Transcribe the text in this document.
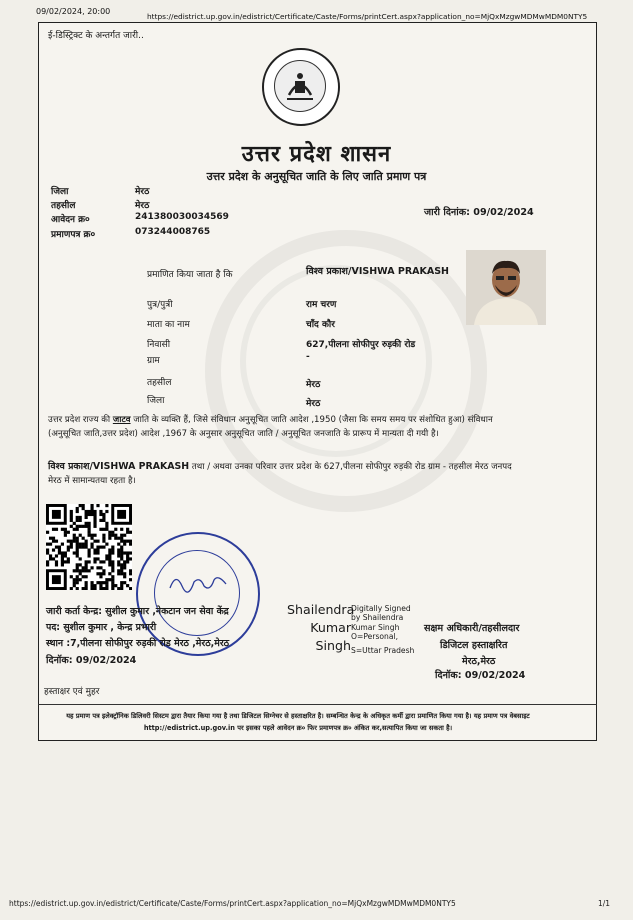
09/02/2024, 20:00
https://edistrict.up.gov.in/edistrict/Certificate/Caste/Forms/printCert.aspx?application_no=MjQxMzgwMDMwMDM0NTY5
ई-डिस्ट्रिक्ट के अन्तर्गत जारी..
उत्तर प्रदेश शासन
उत्तर प्रदेश के अनुसूचित जाति के लिए जाति प्रमाण पत्र
जिला	मेरठ
तहसील	मेरठ
आवेदन क्र०	241380030034569
प्रमाणपत्र क्र०	073244008765
जारी दिनांक: 09/02/2024
प्रमाणित किया जाता है कि	विश्व प्रकाश/VISHWA PRAKASH
पुत्र/पुत्री	राम चरण
माता का नाम	चाँद कौर
निवासी	627,पीलना सोफीपुर रुड़की रोड
ग्राम	-
तहसील	मेरठ
जिला	मेरठ
उत्तर प्रदेश राज्य की जाटव जाति के व्यक्ति हैं, जिसे संविधान अनुसूचित जाति आदेश ,1950 (जैसा कि समय समय पर संशोधित हुआ) संविधान (अनुसूचित जाति,उत्तर प्रदेश) आदेश ,1967 के अनुसार अनुसूचित जाति / अनुसूचित जनजाति के प्रारूप में मान्यता दी गयी है।
विश्व प्रकाश/VISHWA PRAKASH तथा / अथवा उनका परिवार उत्तर प्रदेश के 627,पीलना सोफीपुर रुड़की रोड ग्राम - तहसील मेरठ जनपद मेरठ में सामान्यतया रहता है।
जारी कर्ता केन्द्र: सुशील कुमार ,नेकटान जन सेवा केंद्र
पद: सुशील कुमार , केन्द्र प्रभारी
स्थान :7,पीलना सोफीपुर रुड़की रोड मेरठ ,मेरठ,मेरठ
दिनॉक: 09/02/2024
Shailendra Kumar Singh
Digitally Signed
by Shailendra
Kumar Singh
O=Personal,
S=Uttar Pradesh
सक्षम अधिकारी/तहसीलदार
डिजिटल हस्ताक्षरित
मेरठ,मेरठ
दिनॉक: 09/02/2024
हस्ताक्षर एवं मुहर
यह प्रमाण पत्र इलेक्ट्रॉनिक डिलिवरी सिस्टम द्वारा तैयार किया गया है तथा डिजिटल सिग्नेचर से हस्ताक्षरित है। सम्बन्धित केन्द्र के अधिकृत कर्मी द्वारा प्रमाणित किया गया है। यह प्रमाण पत्र वेबसाइट http://edistrict.up.gov.in पर इसका पहले आवेदन क्र० फिर प्रमाणपत्र क्र० अंकित कर,सत्यापित किया जा सकता है।
https://edistrict.up.gov.in/edistrict/Certificate/Caste/Forms/printCert.aspx?application_no=MjQxMzgwMDMwMDM0NTY5	1/1
